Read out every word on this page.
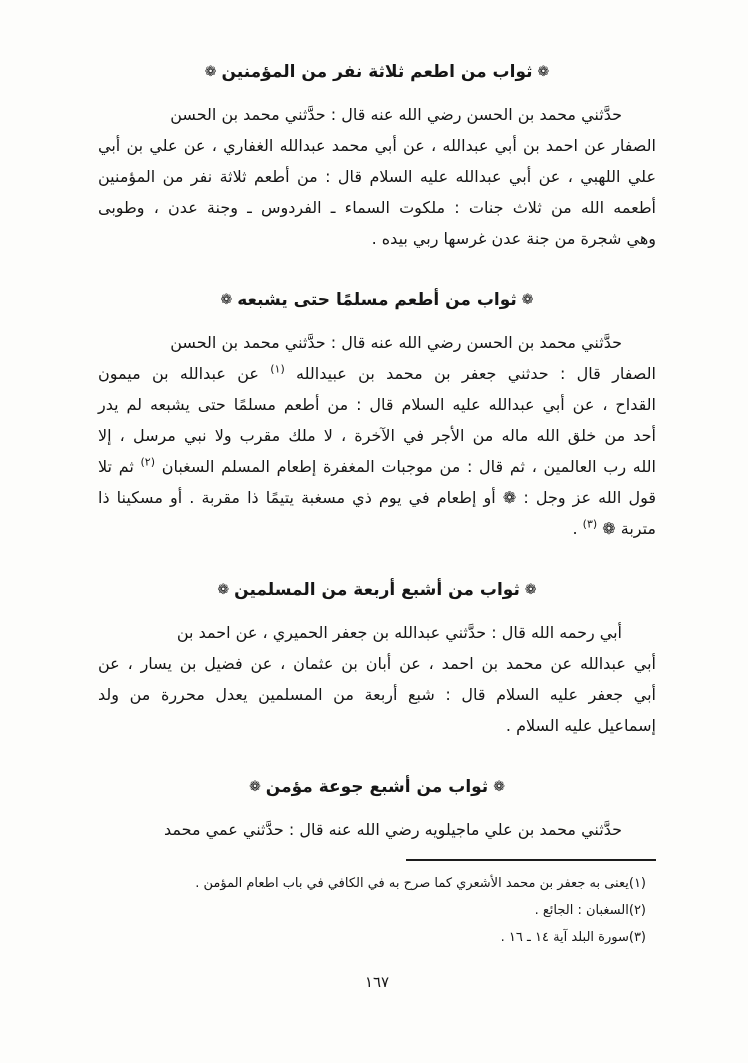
❁ثواب من اطعم ثلاثة نفر من المؤمنين❁
حدَّثني محمد بن الحسن رضي الله عنه قال : حدَّثني محمد بن الحسن
الصفار عن احمد بن أبي عبدالله ، عن أبي محمد عبدالله الغفاري ، عن علي بن أبي
علي اللهبي ، عن أبي عبدالله عليه السلام قال : من أطعم ثلاثة نفر من المؤمنين
أطعمه الله من ثلاث جنات : ملكوت السماء ـ الفردوس ـ وجنة عدن ، وطوبى
وهي شجرة من جنة عدن غرسها ربي بيده .
❁ثواب من أطعم مسلمًا حتى يشبعه❁
حدَّثني محمد بن الحسن رضي الله عنه قال : حدَّثني محمد بن الحسن
الصفار قال : حدثني جعفر بن محمد بن عبيدالله $^{(١)}$ عن عبدالله بن ميمون
القداح ، عن أبي عبدالله عليه السلام قال : من أطعم مسلمًا حتى يشبعه لم يدر
أحد من خلق الله ماله من الأجر في الآخرة ، لا ملك مقرب ولا نبي مرسل ، إلا
الله رب العالمين ، ثم قال : من موجبات المغفرة إطعام المسلم السغبان $^{(٢)}$ ثم تلا
قول الله عز وجل : ❁ أو إطعام في يوم ذي مسغبة يتيمًا ذا مقربة . أو مسكينا ذا
متربة ❁ $^{(٣)}$ .
❁ثواب من أشبع أربعة من المسلمين❁
أبي رحمه الله قال : حدَّثني عبدالله بن جعفر الحميري ، عن احمد بن
أبي عبدالله عن محمد بن احمد ، عن أبان بن عثمان ، عن فضيل بن يسار ، عن
أبي جعفر عليه السلام قال : شبع أربعة من المسلمين يعدل محررة من ولد
إسماعيل عليه السلام .
❁ثواب من أشبع جوعة مؤمن❁
حدَّثني محمد بن علي ماجيلويه رضي الله عنه قال : حدَّثني عمي محمد
(١)يعنى به جعفر بن محمد الأشعري كما صرح به في الكافي في باب اطعام المؤمن .
(٢)السغبان : الجائع .
(٣)سورة البلد آية ١٤ ـ ١٦ .
١٦٧
